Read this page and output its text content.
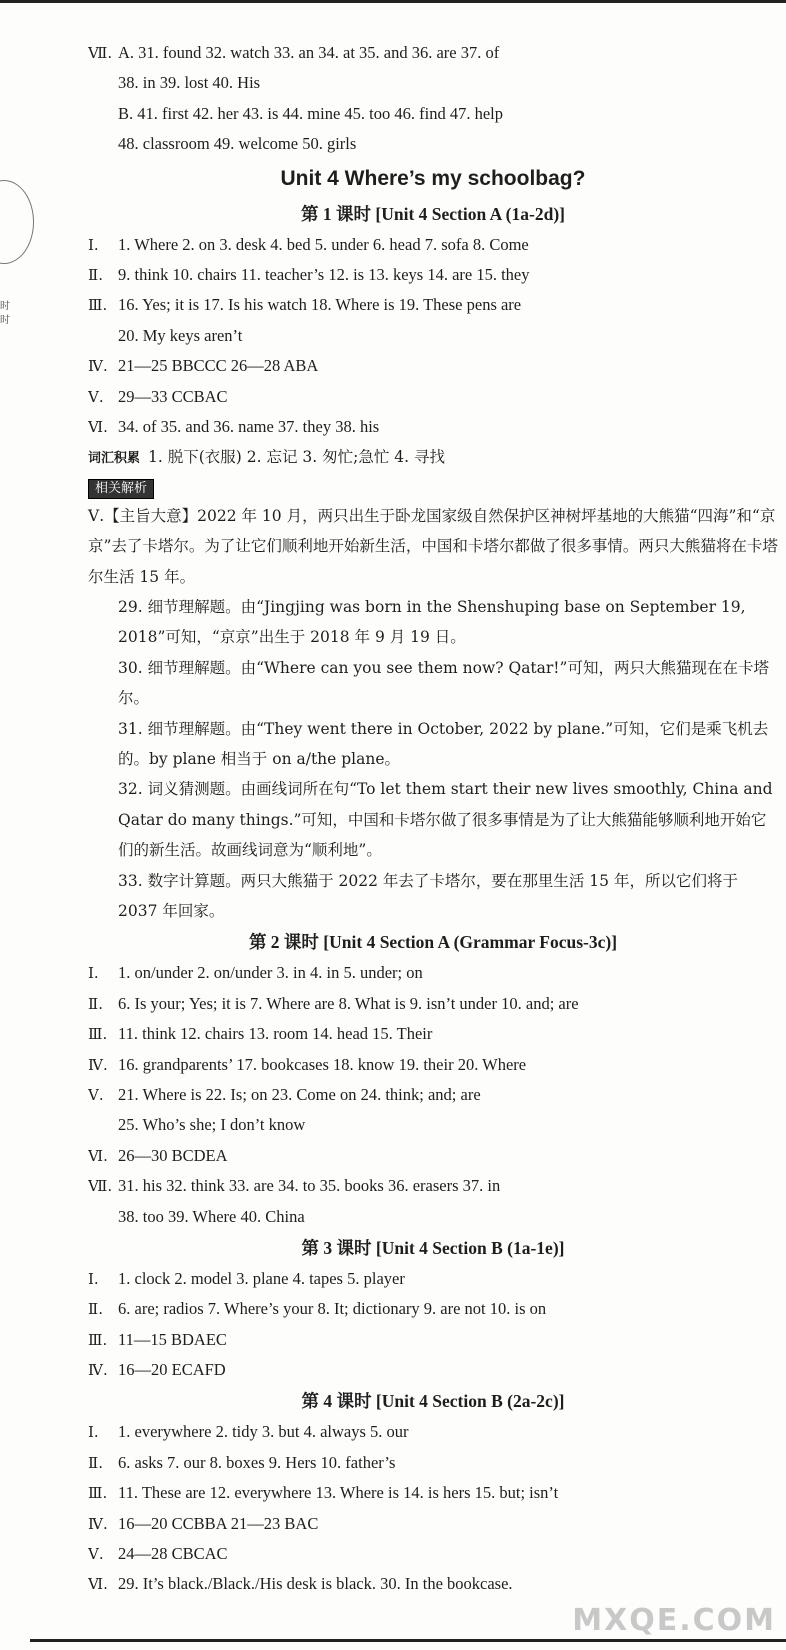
时
时
Ⅶ. A. 31. found 32. watch 33. an 34. at 35. and 36. are 37. of
38. in 39. lost 40. His
B. 41. first 42. her 43. is 44. mine 45. too 46. find 47. help
48. classroom 49. welcome 50. girls
Unit 4 Where’s my schoolbag?
第 1 课时 [Unit 4 Section A (1a-2d)]
Ⅰ. 1. Where 2. on 3. desk 4. bed 5. under 6. head 7. sofa 8. Come
Ⅱ. 9. think 10. chairs 11. teacher’s 12. is 13. keys 14. are 15. they
Ⅲ. 16. Yes; it is 17. Is his watch 18. Where is 19. These pens are
20. My keys aren’t
Ⅳ. 21—25 BBCCC 26—28 ABA
Ⅴ. 29—33 CCBAC
Ⅵ. 34. of 35. and 36. name 37. they 38. his
词汇积累 1. 脱下(衣服) 2. 忘记 3. 匆忙;急忙 4. 寻找
相关解析
Ⅴ.【主旨大意】2022 年 10 月，两只出生于卧龙国家级自然保护区神树坪基地的大熊猫“四海”和“京京”去了卡塔尔。为了让它们顺利地开始新生活，中国和卡塔尔都做了很多事情。两只大熊猫将在卡塔尔生活 15 年。
29. 细节理解题。由“Jingjing was born in the Shenshuping base on September 19, 2018”可知，“京京”出生于 2018 年 9 月 19 日。
30. 细节理解题。由“Where can you see them now? Qatar!”可知，两只大熊猫现在在卡塔尔。
31. 细节理解题。由“They went there in October, 2022 by plane.”可知，它们是乘飞机去的。by plane 相当于 on a/the plane。
32. 词义猜测题。由画线词所在句“To let them start their new lives smoothly, China and Qatar do many things.”可知，中国和卡塔尔做了很多事情是为了让大熊猫能够顺利地开始它们的新生活。故画线词意为“顺利地”。
33. 数字计算题。两只大熊猫于 2022 年去了卡塔尔，要在那里生活 15 年，所以它们将于 2037 年回家。
第 2 课时 [Unit 4 Section A (Grammar Focus-3c)]
Ⅰ. 1. on/under 2. on/under 3. in 4. in 5. under; on
Ⅱ. 6. Is your; Yes; it is 7. Where are 8. What is 9. isn’t under 10. and; are
Ⅲ. 11. think 12. chairs 13. room 14. head 15. Their
Ⅳ. 16. grandparents’ 17. bookcases 18. know 19. their 20. Where
Ⅴ. 21. Where is 22. Is; on 23. Come on 24. think; and; are
25. Who’s she; I don’t know
Ⅵ. 26—30 BCDEA
Ⅶ. 31. his 32. think 33. are 34. to 35. books 36. erasers 37. in
38. too 39. Where 40. China
第 3 课时 [Unit 4 Section B (1a-1e)]
Ⅰ. 1. clock 2. model 3. plane 4. tapes 5. player
Ⅱ. 6. are; radios 7. Where’s your 8. It; dictionary 9. are not 10. is on
Ⅲ. 11—15 BDAEC
Ⅳ. 16—20 ECAFD
第 4 课时 [Unit 4 Section B (2a-2c)]
Ⅰ. 1. everywhere 2. tidy 3. but 4. always 5. our
Ⅱ. 6. asks 7. our 8. boxes 9. Hers 10. father’s
Ⅲ. 11. These are 12. everywhere 13. Where is 14. is hers 15. but; isn’t
Ⅳ. 16—20 CCBBA 21—23 BAC
Ⅴ. 24—28 CBCAC
Ⅵ. 29. It’s black./Black./His desk is black. 30. In the bookcase.
MXQE.COM
